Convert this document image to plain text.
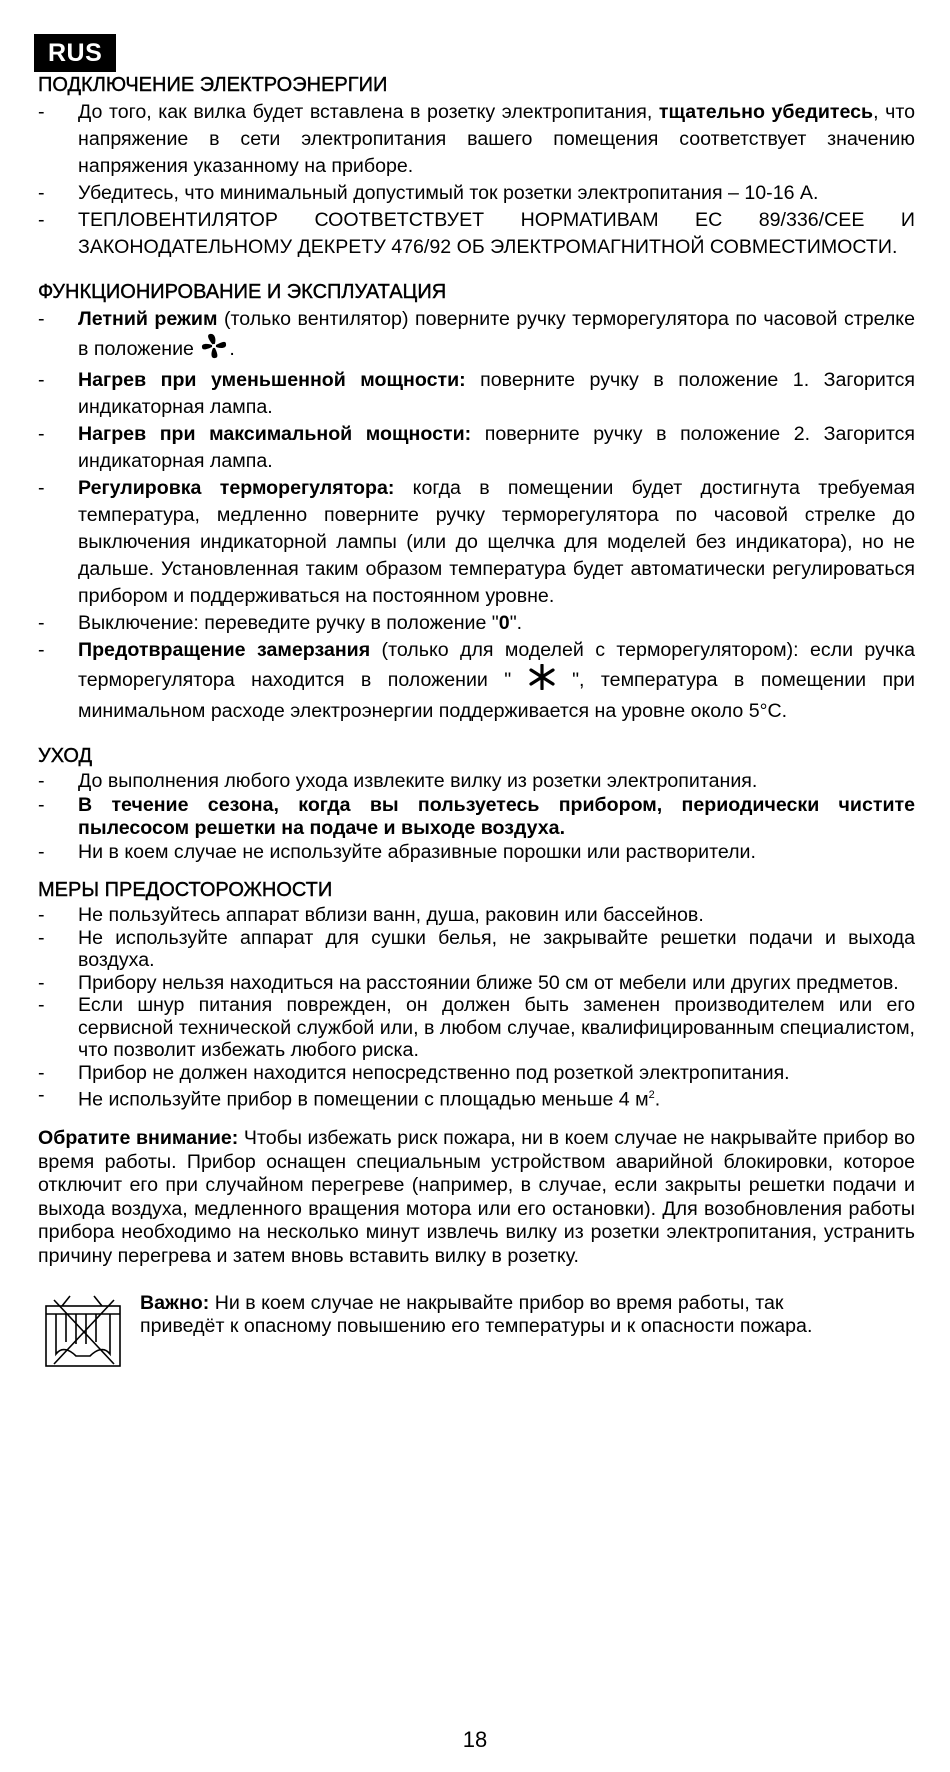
RUS
ПОДКЛЮЧЕНИЕ ЭЛЕКТРОЭНЕРГИИ
- До того, как вилка будет вставлена в розетку электропитания, тщательно убедитесь, что напряжение в сети электропитания вашего помещения соответствует значению напряжения указанному на приборе.
- Убедитесь, что минимальный допустимый ток розетки электропитания – 10-16 А.
- ТЕПЛОВЕНТИЛЯТОР СООТВЕТСТВУЕТ НОРМАТИВАМ ЕС 89/336/CEE И ЗАКОНОДАТЕЛЬНОМУ ДЕКРЕТУ 476/92 ОБ ЭЛЕКТРОМАГНИТНОЙ СОВМЕСТИМОСТИ.
ФУНКЦИОНИРОВАНИЕ И ЭКСПЛУАТАЦИЯ
- Летний режим (только вентилятор) поверните ручку терморегулятора по часовой стрелке в положение .
- Нагрев при уменьшенной мощности: поверните ручку в положение 1. Загорится индикаторная лампа.
- Нагрев при максимальной мощности: поверните ручку в положение 2. Загорится индикаторная лампа.
- Регулировка терморегулятора: когда в помещении будет достигнута требуемая температура, медленно поверните ручку терморегулятора по часовой стрелке до выключения индикаторной лампы (или до щелчка для моделей без индикатора), но не дальше. Установленная таким образом температура будет автоматически регулироваться прибором и поддерживаться на постоянном уровне.
- Выключение: переведите ручку в положение "0".
- Предотвращение замерзания (только для моделей с терморегулятором): если ручка терморегулятора находится в положении "  ", температура в помещении при минимальном расходе электроэнергии поддерживается на уровне около 5°С.
УХОД
- До выполнения любого ухода извлеките вилку из розетки электропитания.
- В течение сезона, когда вы пользуетесь прибором, периодически чистите пылесосом решетки на подаче и выходе воздуха.
- Ни в коем случае не используйте абразивные порошки или растворители.
МЕРЫ ПРЕДОСТОРОЖНОСТИ
- Не пользуйтесь аппарат вблизи ванн, душа, раковин или бассейнов.
- Не используйте аппарат для сушки белья, не закрывайте решетки подачи и выхода воздуха.
- Прибору нельзя находиться на расстоянии ближе 50 см от мебели или других предметов.
- Если шнур питания поврежден, он должен быть заменен производителем или его сервисной технической службой или, в любом случае, квалифицированным специалистом, что позволит избежать любого риска.
- Прибор не должен находится непосредственно под розеткой электропитания.
- Не используйте прибор в помещении с площадью меньше 4 $м^2$.

Обратите внимание: Чтобы избежать риск пожара, ни в коем случае не накрывайте прибор во время работы. Прибор оснащен специальным устройством аварийной блокировки, которое отключит его при случайном перегреве (например, в случае, если закрыты решетки подачи и выхода воздуха, медленного вращения мотора или его остановки). Для возобновления работы прибора необходимо на несколько минут извлечь вилку из розетки электропитания, устранить причину перегрева и затем вновь вставить вилку в розетку.

Важно: Ни в коем случае не накрывайте прибор во время работы, так приведёт к опасному повышению его температуры и к опасности пожара.
18
